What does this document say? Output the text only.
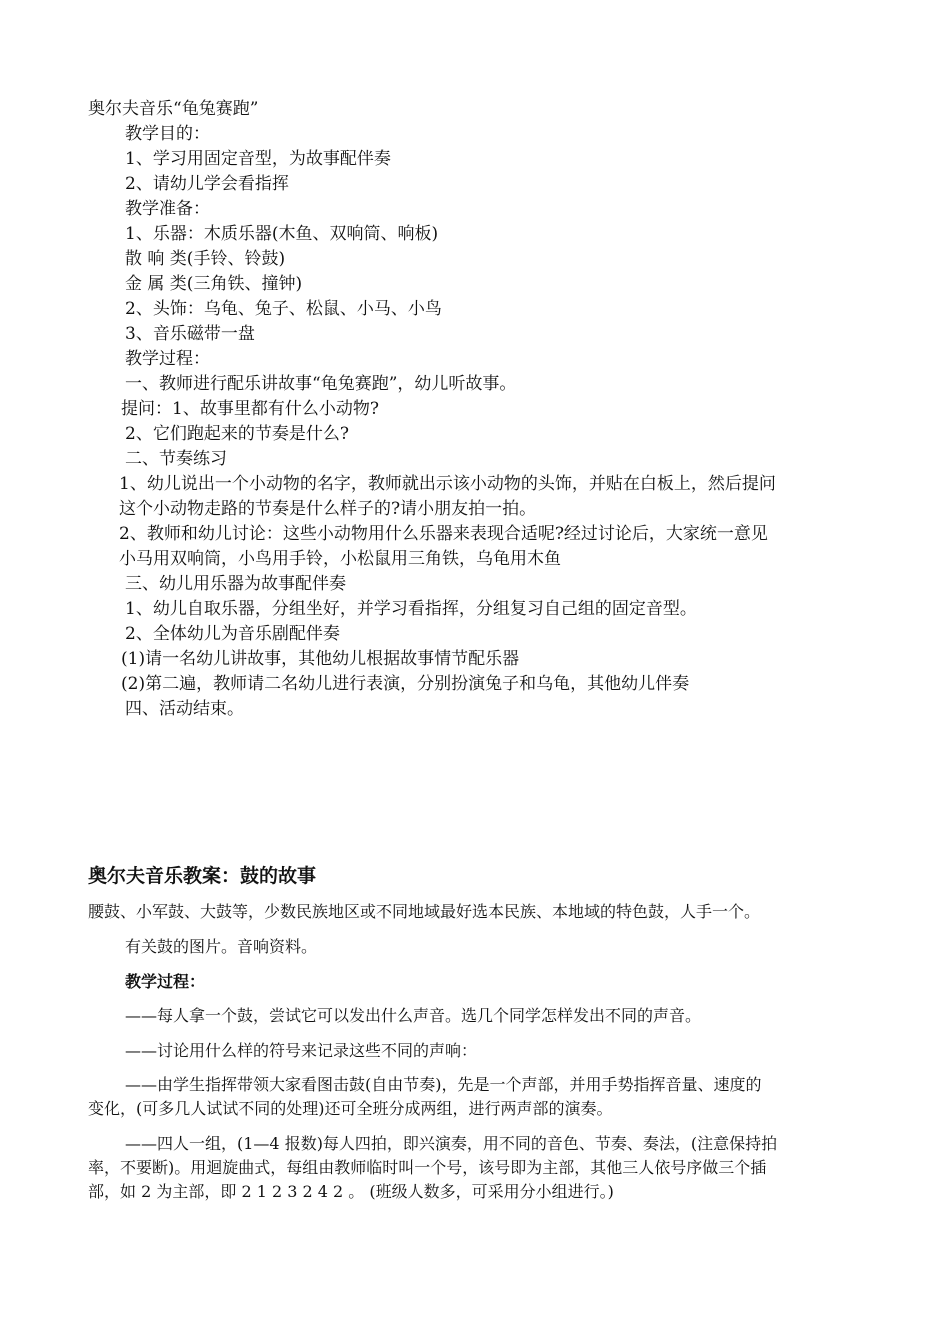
奥尔夫音乐“龟兔赛跑”
教学目的：
1、学习用固定音型，为故事配伴奏
2、请幼儿学会看指挥
教学准备：
1、乐器：木质乐器(木鱼、双响筒、响板)
散 响 类(手铃、铃鼓)
金 属 类(三角铁、撞钟)
2、头饰：乌龟、兔子、松鼠、小马、小鸟
3、音乐磁带一盘
教学过程：
一、教师进行配乐讲故事“龟兔赛跑”，幼儿听故事。
提问：1、故事里都有什么小动物?
2、它们跑起来的节奏是什么?
二、节奏练习
1、幼儿说出一个小动物的名字，教师就出示该小动物的头饰，并贴在白板上，然后提问
这个小动物走路的节奏是什么样子的?请小朋友拍一拍。
2、教师和幼儿讨论：这些小动物用什么乐器来表现合适呢?经过讨论后，大家统一意见
小马用双响筒，小鸟用手铃，小松鼠用三角铁，乌龟用木鱼
三、幼儿用乐器为故事配伴奏
1、幼儿自取乐器，分组坐好，并学习看指挥，分组复习自己组的固定音型。
2、全体幼儿为音乐剧配伴奏
(1)请一名幼儿讲故事，其他幼儿根据故事情节配乐器
(2)第二遍，教师请二名幼儿进行表演，分别扮演兔子和乌龟，其他幼儿伴奏
四、活动结束。
奥尔夫音乐教案：鼓的故事
腰鼓、小军鼓、大鼓等，少数民族地区或不同地域最好选本民族、本地域的特色鼓，人手一个。
有关鼓的图片。音响资料。
教学过程：
——每人拿一个鼓，尝试它可以发出什么声音。选几个同学怎样发出不同的声音。
——讨论用什么样的符号来记录这些不同的声响：
——由学生指挥带领大家看图击鼓(自由节奏)，先是一个声部，并用手势指挥音量、速度的
变化，(可多几人试试不同的处理)还可全班分成两组，进行两声部的演奏。
——四人一组，(1—4 报数)每人四拍，即兴演奏，用不同的音色、节奏、奏法，(注意保持拍
率，不要断)。用迴旋曲式，每组由教师临时叫一个号，该号即为主部，其他三人依号序做三个插
部，如 2 为主部，即 2 1 2 3 2 4 2 。 (班级人数多，可采用分小组进行。)
